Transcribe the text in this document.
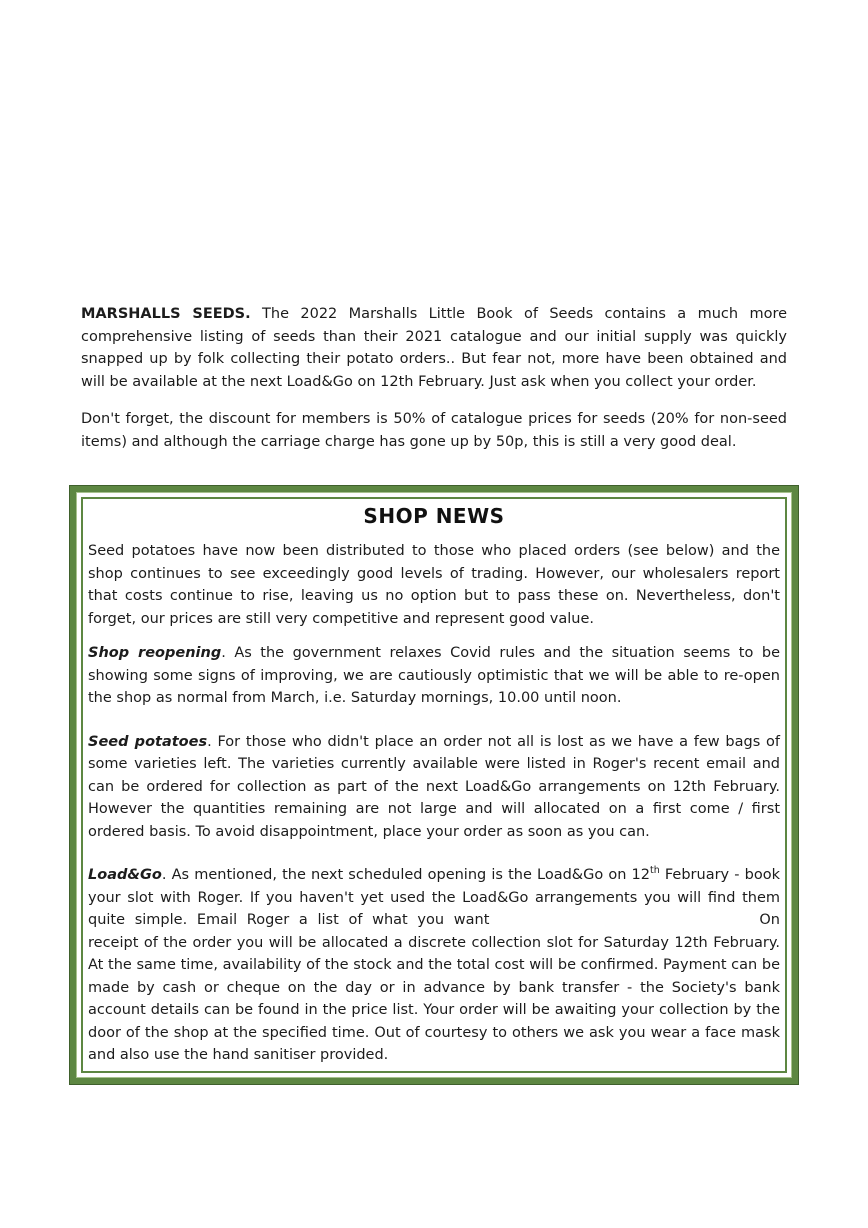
MARSHALLS SEEDS. The 2022 Marshalls Little Book of Seeds contains a much more comprehensive listing of seeds than their 2021 catalogue and our initial supply was quickly snapped up by folk collecting their potato orders.. But fear not, more have been obtained and will be available at the next Load&Go on 12th February. Just ask when you collect your order.

Don't forget, the discount for members is 50% of catalogue prices for seeds (20% for non-seed items) and although the carriage charge has gone up by 50p, this is still a very good deal.

SHOP NEWS

Seed potatoes have now been distributed to those who placed orders (see below) and the shop continues to see exceedingly good levels of trading. However, our wholesalers report that costs continue to rise, leaving us no option but to pass these on. Nevertheless, don't forget, our prices are still very competitive and represent good value.

Shop reopening. As the government relaxes Covid rules and the situation seems to be showing some signs of improving, we are cautiously optimistic that we will be able to re-open the shop as normal from March, i.e. Saturday mornings, 10.00 until noon.

Seed potatoes. For those who didn't place an order not all is lost as we have a few bags of some varieties left. The varieties currently available were listed in Roger's recent email and can be ordered for collection as part of the next Load&Go arrangements on 12th February. However the quantities remaining are not large and will allocated on a first come / first ordered basis. To avoid disappointment, place your order as soon as you can.

Load&Go. As mentioned, the next scheduled opening is the Load&Go on 12th February - book your slot with Roger. If you haven't yet used the Load&Go arrangements you will find them quite simple. Email Roger a list of what you want	On receipt of the order you will be allocated a discrete collection slot for Saturday 12th February. At the same time, availability of the stock and the total cost will be confirmed. Payment can be made by cash or cheque on the day or in advance by bank transfer - the Society's bank account details can be found in the price list. Your order will be awaiting your collection by the door of the shop at the specified time. Out of courtesy to others we ask you wear a face mask and also use the hand sanitiser provided.
